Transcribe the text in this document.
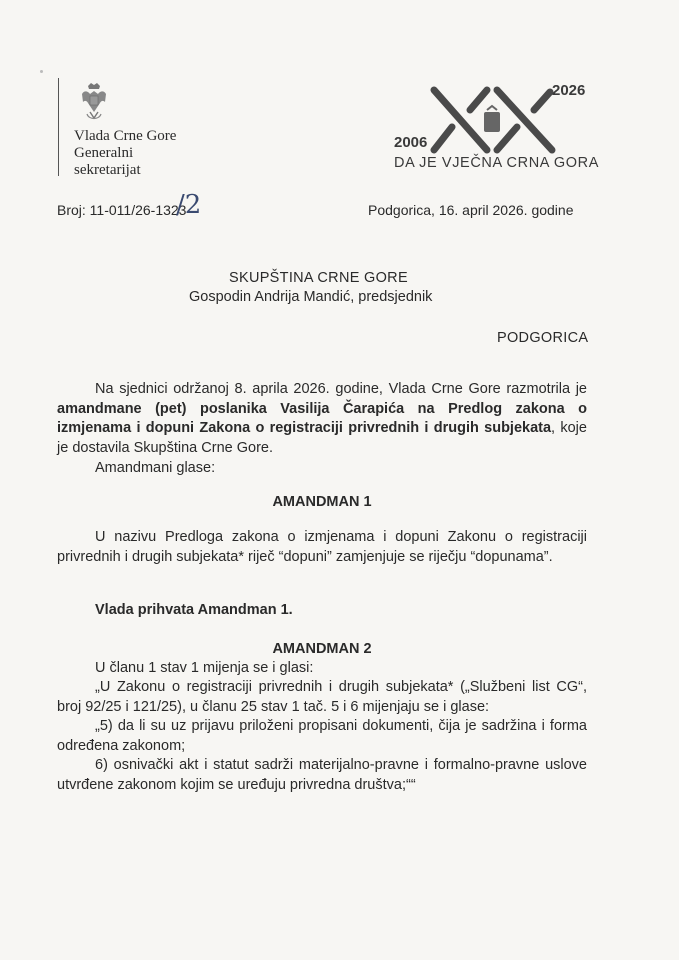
Vlada Crne Gore
Generalni
sekretarijat
2026
2006
DA JE VJEČNA CRNA GORA
Broj: 11-011/26-1323
/2	Podgorica, 16. april 2026. godine
SKUPŠTINA CRNE GORE
Gospodin Andrija Mandić, predsjednik
PODGORICA
Na sjednici održanoj 8. aprila 2026. godine, Vlada Crne Gore razmotrila je amandmane (pet) poslanika Vasilija Čarapića na Predlog zakona o izmjenama i dopuni Zakona o registraciji privrednih i drugih subjekata, koje je dostavila Skupština Crne Gore.
Amandmani glase:
AMANDMAN 1
U nazivu Predloga zakona o izmjenama i dopuni Zakonu o registraciji privrednih i drugih subjekata* riječ “dopuni” zamjenjuje se riječju “dopunama”.
Vlada prihvata Amandman 1.
AMANDMAN 2
U članu 1 stav 1 mijenja se i glasi:
„U Zakonu o registraciji privrednih i drugih subjekata* („Službeni list CG“, broj 92/25 i 121/25), u članu 25 stav 1 tač. 5 i 6 mijenjaju se i glase:
„5) da li su uz prijavu priloženi propisani dokumenti, čija je sadržina i forma određena zakonom;
6) osnivački akt i statut sadrži materijalno-pravne i formalno-pravne uslove utvrđene zakonom kojim se uređuju privredna društva;““
